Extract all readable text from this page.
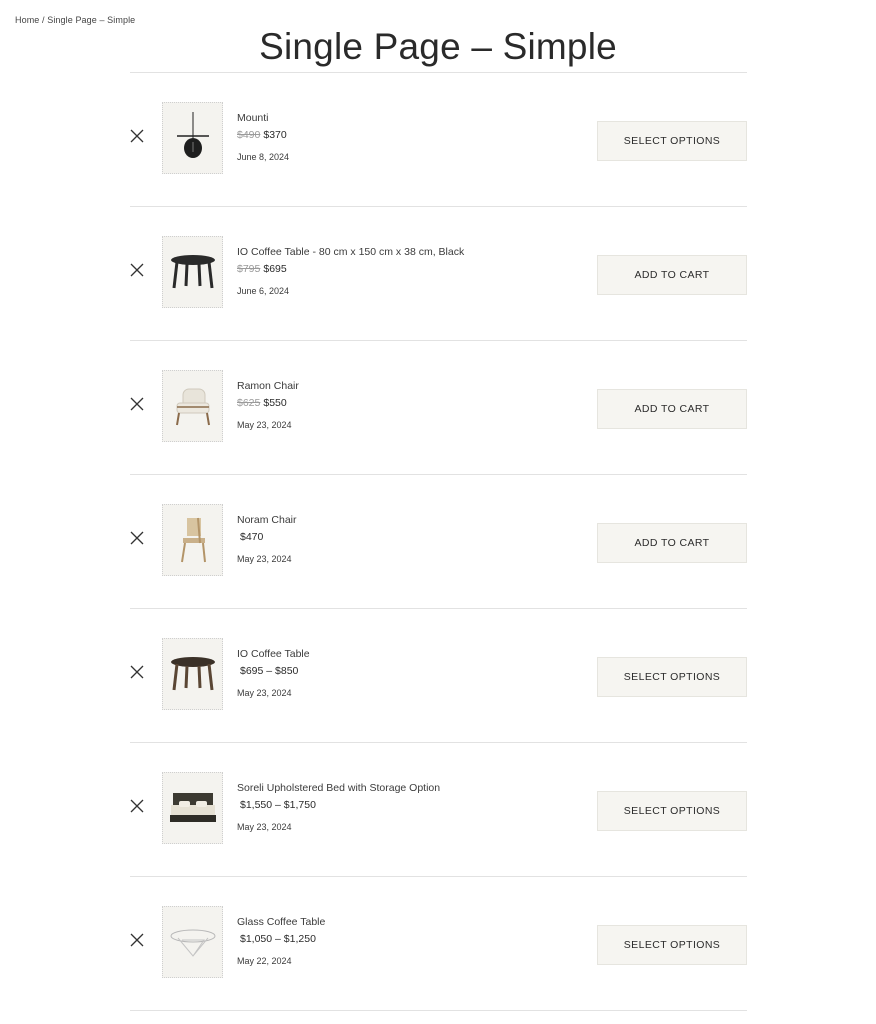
Home / Single Page – Simple
Single Page – Simple
Mounti
$490 $370
June 8, 2024
SELECT OPTIONS
IO Coffee Table - 80 cm x 150 cm x 38 cm, Black
$795 $695
June 6, 2024
ADD TO CART
Ramon Chair
$625 $550
May 23, 2024
ADD TO CART
Noram Chair
$470
May 23, 2024
ADD TO CART
IO Coffee Table
$695 – $850
May 23, 2024
SELECT OPTIONS
Soreli Upholstered Bed with Storage Option
$1,550 – $1,750
May 23, 2024
SELECT OPTIONS
Glass Coffee Table
$1,050 – $1,250
May 22, 2024
SELECT OPTIONS
